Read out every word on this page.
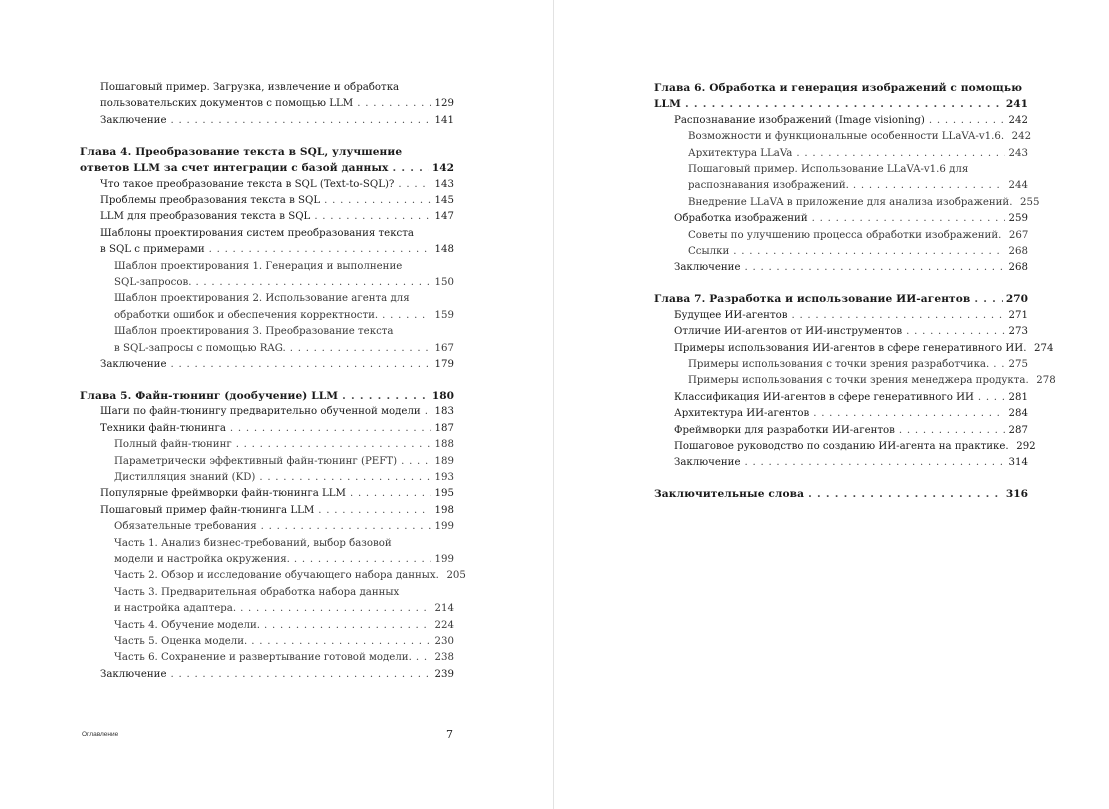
Пошаговый пример. Загрузка, извлечение и обработка
пользовательских документов с помощью LLM . . .	129
Заключение . . .	141
Глава 4. Преобразование текста в SQL, улучшение
ответов LLM за счет интеграции с базой данных . . .	142
Что такое преобразование текста в SQL (Text-to-SQL)? . . .	143
Проблемы преобразования текста в SQL . . .	145
LLM для преобразования текста в SQL . . .	147
Шаблоны проектирования систем преобразования текста
в SQL с примерами . . .	148
Шаблон проектирования 1. Генерация и выполнение
SQL-запросов. . . .	150
Шаблон проектирования 2. Использование агента для
обработки ошибок и обеспечения корректности. . . .	159
Шаблон проектирования 3. Преобразование текста
в SQL-запросы с помощью RAG. . . .	167
Заключение . . .	179
Глава 5. Файн-тюнинг (дообучение) LLM . . .	180
Шаги по файн-тюнингу предварительно обученной модели . . .	183
Техники файн-тюнинга . . .	187
Полный файн-тюнинг . . .	188
Параметрически эффективный файн-тюнинг (PEFT) . . .	189
Дистилляция знаний (KD) . . .	193
Популярные фреймворки файн-тюнинга LLM . . .	195
Пошаговый пример файн-тюнинга LLM . . .	198
Обязательные требования . . .	199
Часть 1. Анализ бизнес-требований, выбор базовой
модели и настройка окружения. . . .	199
Часть 2. Обзор и исследование обучающего набора данных. . . . 205
Часть 3. Предварительная обработка набора данных
и настройка адаптера. . . .	214
Часть 4. Обучение модели. . . .	224
Часть 5. Оценка модели. . . .	230
Часть 6. Сохранение и развертывание готовой модели. . . .	238
Заключение . . .	239
Оглавление	7
Глава 6. Обработка и генерация изображений с помощью
LLM . . .	241
Распознавание изображений (Image visioning) . . .	242
Возможности и функциональные особенности LLaVA-v1.6. . . . 242
Архитектура LLaVa . . .	243
Пошаговый пример. Использование LLaVA-v1.6 для
распознавания изображений. . . .	244
Внедрение LLaVA в приложение для анализа изображений. . . . 255
Обработка изображений . . .	259
Советы по улучшению процесса обработки изображений. . . . 267
Ссылки . . .	268
Заключение . . .	268
Глава 7. Разработка и использование ИИ-агентов . . .	270
Будущее ИИ-агентов . . .	271
Отличие ИИ-агентов от ИИ-инструментов . . .	273
Примеры использования ИИ-агентов в сфере генеративного ИИ. . . . 274
Примеры использования с точки зрения разработчика. . . .	275
Примеры использования с точки зрения менеджера продукта. . . . 278
Классификация ИИ-агентов в сфере генеративного ИИ . . .	281
Архитектура ИИ-агентов . . .	284
Фреймворки для разработки ИИ-агентов . . .	287
Пошаговое руководство по созданию ИИ-агента на практике. . . . 292
Заключение . . .	314
Заключительные слова . . .	316
